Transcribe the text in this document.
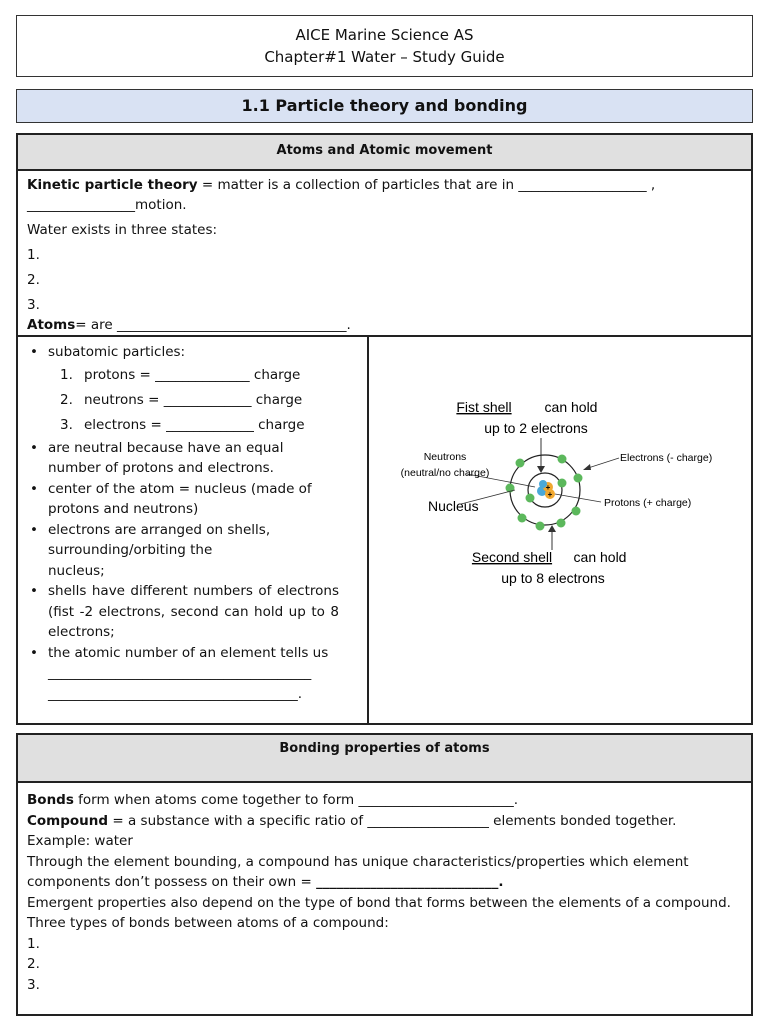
AICE Marine Science AS
Chapter#1 Water – Study Guide
1.1 Particle theory and bonding
Atoms and Atomic movement
Kinetic particle theory = matter is a collection of particles that are in ___________________ ,
________________motion.
Water exists in three states:
1.
2.
3.
Atoms= are __________________________________.
• subatomic particles:
1. protons = ______________ charge
2. neutrons = _____________ charge
3. electrons = _____________ charge
• are neutral because have an equal number of protons and electrons.
• center of the atom = nucleus (made of protons and neutrons)
• electrons are arranged on shells, surrounding/orbiting the
nucleus;
• shells have different numbers of electrons (fist -2 electrons, second can hold up to 8 electrons;
• the atomic number of an element tells us
_______________________________________
_____________________________________.
Fist shell can hold
up to 2 electrons
+
+
Neutrons
(neutral/no charge)
Nucleus
Electrons (- charge)
Protons (+ charge)
Second shell can hold
up to 8 electrons
Bonding properties of atoms
Bonds form when atoms come together to form _______________________.
Compound = a substance with a specific ratio of __________________ elements bonded together.
Example: water
Through the element bounding, a compound has unique characteristics/properties which element components don’t possess on their own = ___________________________.
Emergent properties also depend on the type of bond that forms between the elements of a compound.
Three types of bonds between atoms of a compound:
1.
2.
3.
